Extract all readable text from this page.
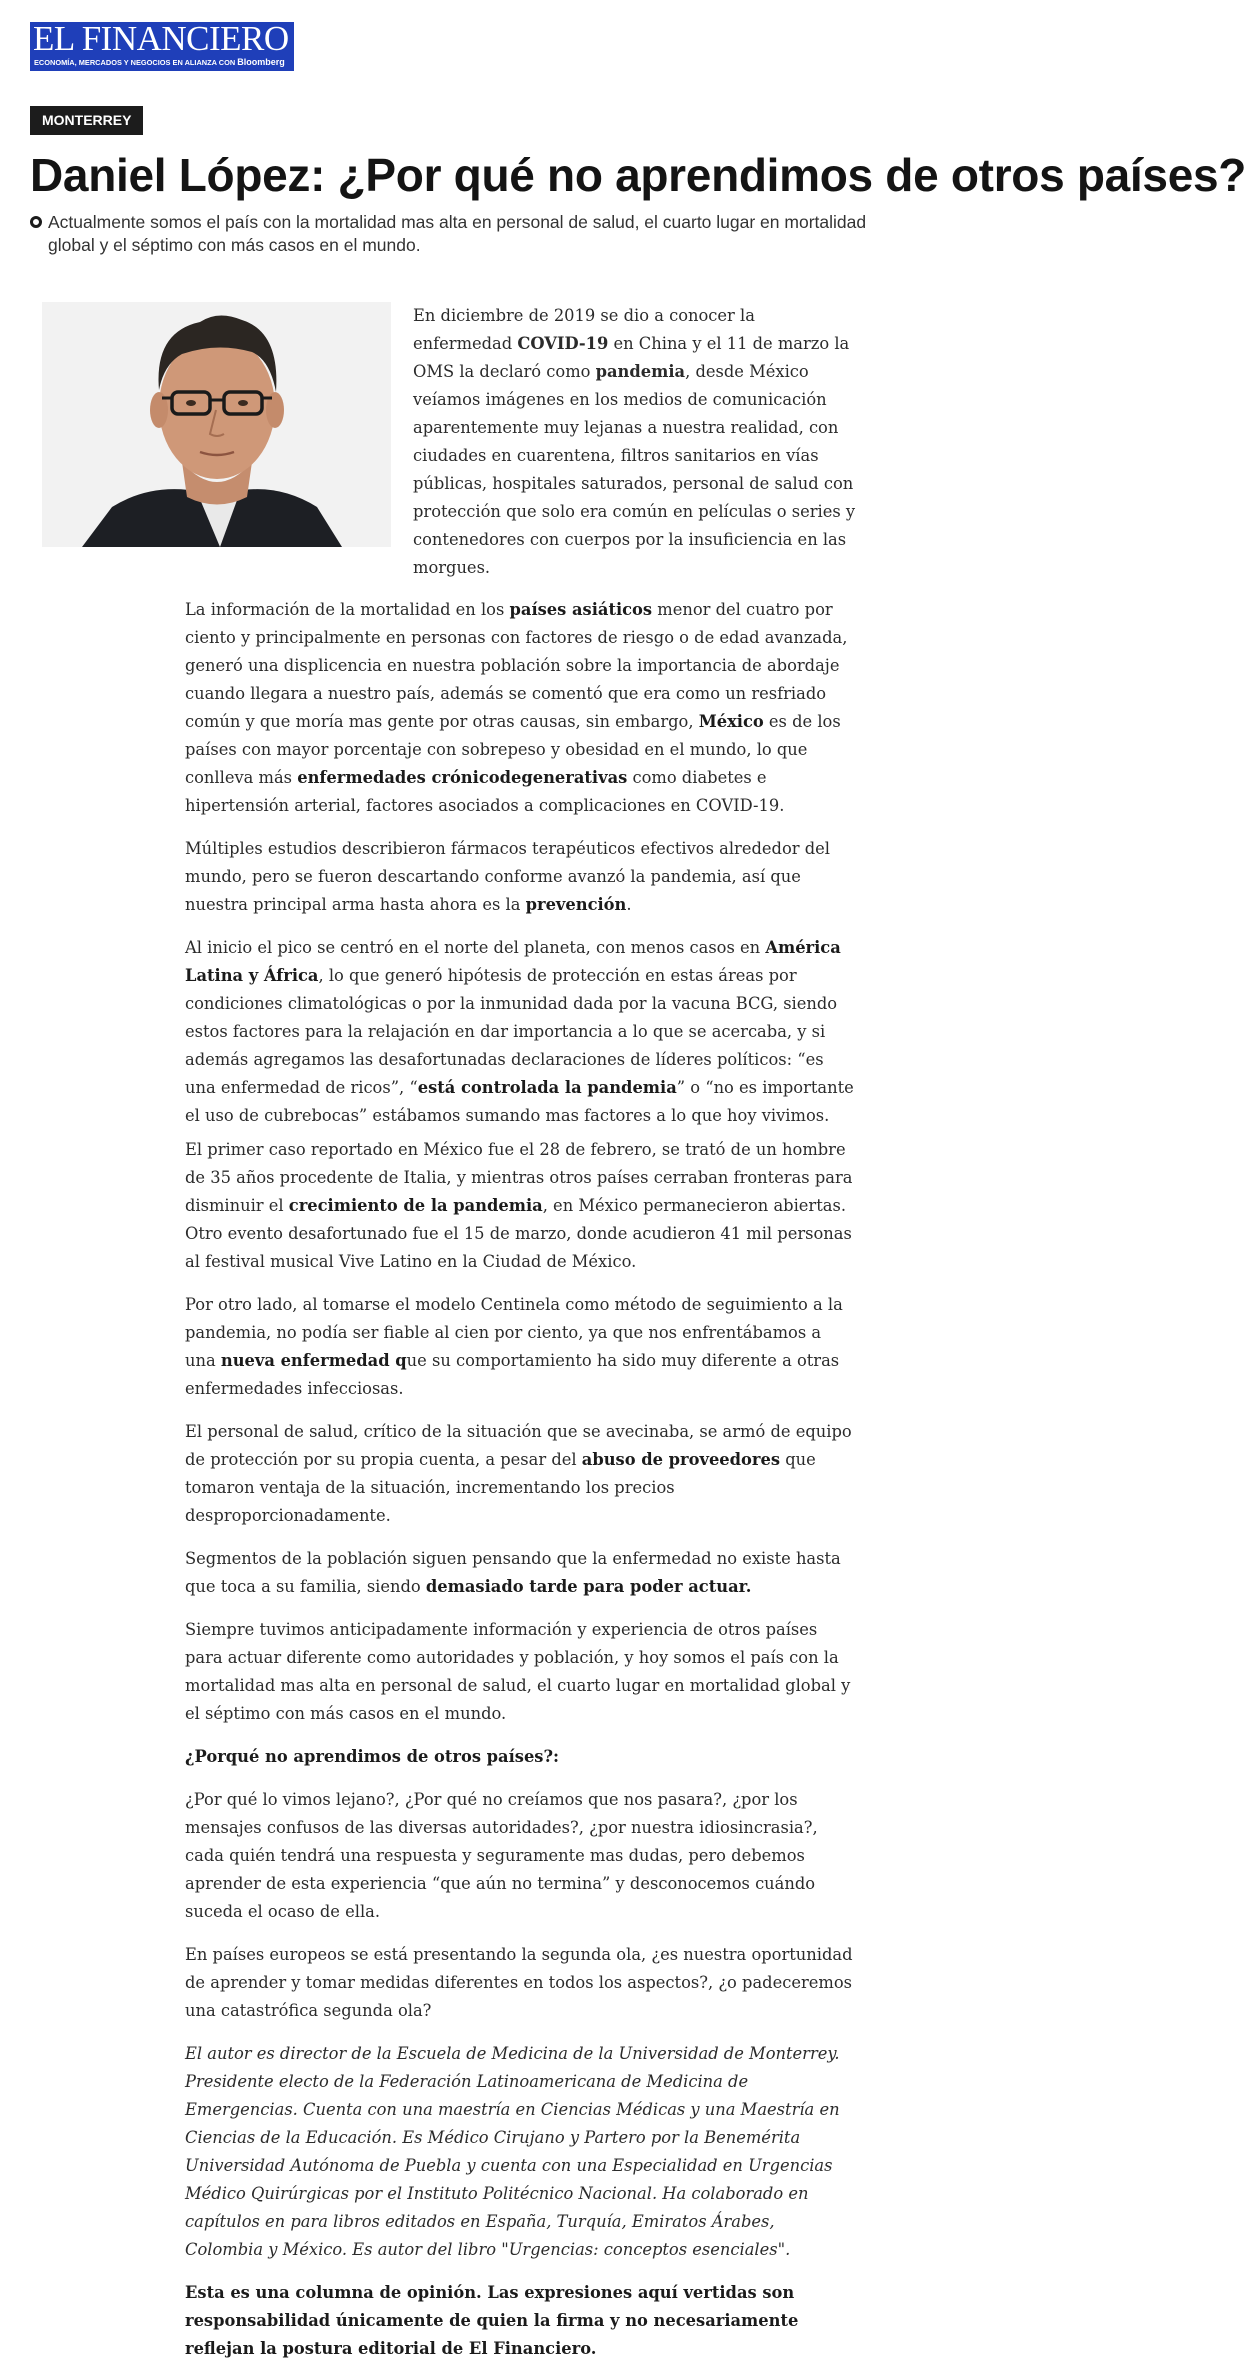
EL FINANCIERO
ECONOMÍA, MERCADOS Y NEGOCIOS EN ALIANZA CON Bloomberg
MONTERREY
Daniel López: ¿Por qué no aprendimos de otros países?

Actualmente somos el país con la mortalidad mas alta en personal de salud, el cuarto lugar en mortalidad global y el séptimo con más casos en el mundo.

En diciembre de 2019 se dio a conocer la enfermedad COVID-19 en China y el 11 de marzo la OMS la declaró como pandemia, desde México veíamos imágenes en los medios de comunicación aparentemente muy lejanas a nuestra realidad, con ciudades en cuarentena, filtros sanitarios en vías públicas, hospitales saturados, personal de salud con protección que solo era común en películas o series y contenedores con cuerpos por la insuficiencia en las morgues.

La información de la mortalidad en los países asiáticos menor del cuatro por ciento y principalmente en personas con factores de riesgo o de edad avanzada, generó una displicencia en nuestra población sobre la importancia de abordaje cuando llegara a nuestro país, además se comentó que era como un resfriado común y que moría mas gente por otras causas, sin embargo, México es de los países con mayor porcentaje con sobrepeso y obesidad en el mundo, lo que conlleva más enfermedades crónicodegenerativas como diabetes e hipertensión arterial, factores asociados a complicaciones en COVID-19.

Múltiples estudios describieron fármacos terapéuticos efectivos alrededor del mundo, pero se fueron descartando conforme avanzó la pandemia, así que nuestra principal arma hasta ahora es la prevención.

Al inicio el pico se centró en el norte del planeta, con menos casos en América Latina y África, lo que generó hipótesis de protección en estas áreas por condiciones climatológicas o por la inmunidad dada por la vacuna BCG, siendo estos factores para la relajación en dar importancia a lo que se acercaba, y si además agregamos las desafortunadas declaraciones de líderes políticos: “es una enfermedad de ricos”, “está controlada la pandemia” o “no es importante el uso de cubrebocas” estábamos sumando mas factores a lo que hoy vivimos.

El primer caso reportado en México fue el 28 de febrero, se trató de un hombre de 35 años procedente de Italia, y mientras otros países cerraban fronteras para disminuir el crecimiento de la pandemia, en México permanecieron abiertas. Otro evento desafortunado fue el 15 de marzo, donde acudieron 41 mil personas al festival musical Vive Latino en la Ciudad de México.

Por otro lado, al tomarse el modelo Centinela como método de seguimiento a la pandemia, no podía ser fiable al cien por ciento, ya que nos enfrentábamos a una nueva enfermedad que su comportamiento ha sido muy diferente a otras enfermedades infecciosas.

El personal de salud, crítico de la situación que se avecinaba, se armó de equipo de protección por su propia cuenta, a pesar del abuso de proveedores que tomaron ventaja de la situación, incrementando los precios desproporcionadamente.

Segmentos de la población siguen pensando que la enfermedad no existe hasta que toca a su familia, siendo demasiado tarde para poder actuar.

Siempre tuvimos anticipadamente información y experiencia de otros países para actuar diferente como autoridades y población, y hoy somos el país con la mortalidad mas alta en personal de salud, el cuarto lugar en mortalidad global y el séptimo con más casos en el mundo.

¿Porqué no aprendimos de otros países?:

¿Por qué lo vimos lejano?, ¿Por qué no creíamos que nos pasara?, ¿por los mensajes confusos de las diversas autoridades?, ¿por nuestra idiosincrasia?, cada quién tendrá una respuesta y seguramente mas dudas, pero debemos aprender de esta experiencia “que aún no termina” y desconocemos cuándo suceda el ocaso de ella.

En países europeos se está presentando la segunda ola, ¿es nuestra oportunidad de aprender y tomar medidas diferentes en todos los aspectos?, ¿o padeceremos una catastrófica segunda ola?

El autor es director de la Escuela de Medicina de la Universidad de Monterrey. Presidente electo de la Federación Latinoamericana de Medicina de Emergencias. Cuenta con una maestría en Ciencias Médicas y una Maestría en Ciencias de la Educación. Es Médico Cirujano y Partero por la Benemérita Universidad Autónoma de Puebla y cuenta con una Especialidad en Urgencias Médico Quirúrgicas por el Instituto Politécnico Nacional. Ha colaborado en capítulos en para libros editados en España, Turquía, Emiratos Árabes, Colombia y México. Es autor del libro "Urgencias: conceptos esenciales".

Esta es una columna de opinión. Las expresiones aquí vertidas son responsabilidad únicamente de quien la firma y no necesariamente reflejan la postura editorial de El Financiero.
